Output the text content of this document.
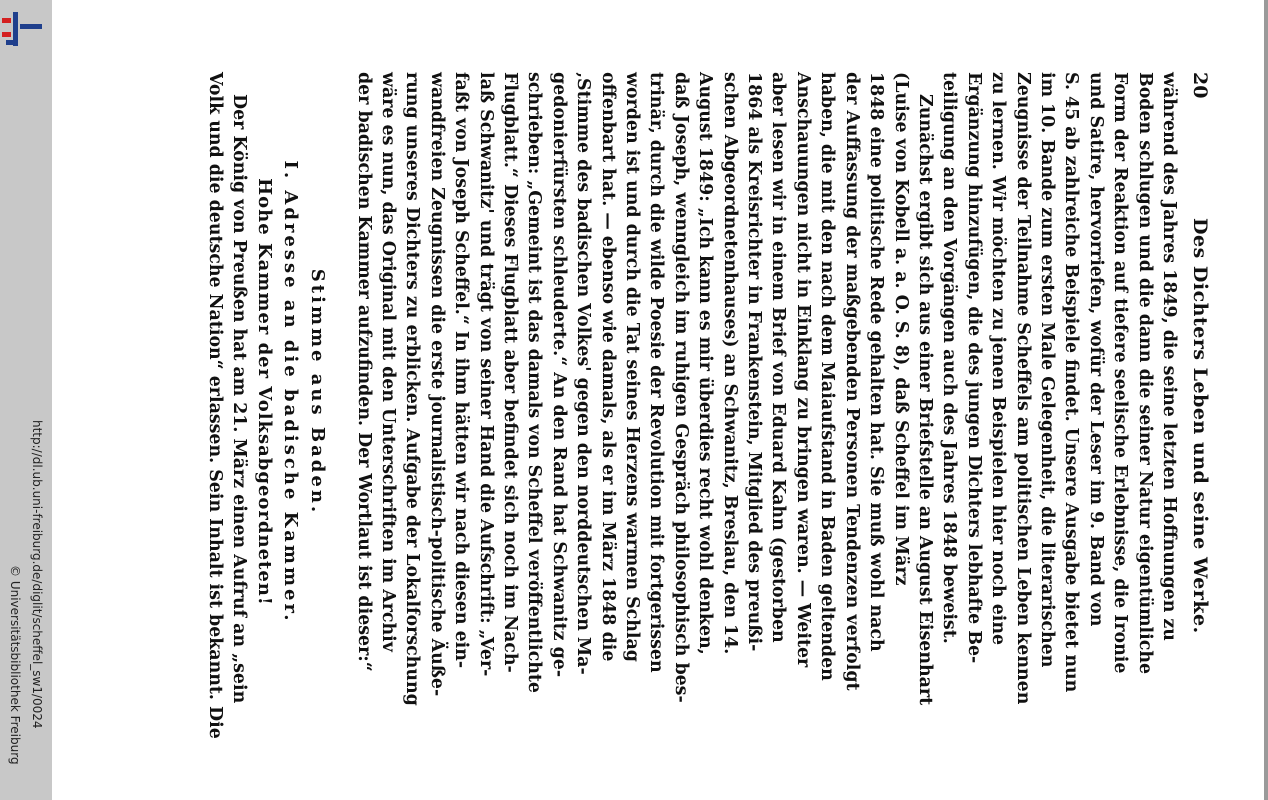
http://dl.ub.uni-freiburg.de/diglit/scheffel_sw1/0024
© Universitätsbibliothek Freiburg
20
Des Dichters Leben und seine Werke.

während des Jahres 1849, die seine letzten Hoffnungen zu
Boden schlugen und die dann die seiner Natur eigentümliche
Form der Reaktion auf tiefere seelische Erlebnisse, die Ironie
und Satire, hervorriefen, wofür der Leser im 9. Band von
S. 45 ab zahlreiche Beispiele findet. Unsere Ausgabe bietet nun
im 10. Bande zum ersten Male Gelegenheit, die literarischen
Zeugnisse der Teilnahme Scheffels am politischen Leben kennen
zu lernen. Wir möchten zu jenen Beispielen hier noch eine
Ergänzung hinzufügen, die des jungen Dichters lebhafte Be-
teiligung an den Vorgängen auch des Jahres 1848 beweist.

Zunächst ergibt sich aus einer Briefstelle an August Eisenhart
(Luise von Kobell a. a. O. S. 8), daß Scheffel im März
1848 eine politische Rede gehalten hat. Sie muß wohl nach
der Auffassung der maßgebenden Personen Tendenzen verfolgt
haben, die mit den nach dem Maiaufstand in Baden geltenden
Anschauungen nicht in Einklang zu bringen waren. — Weiter
aber lesen wir in einem Brief von Eduard Kahn (gestorben
1864 als Kreisrichter in Frankenstein, Mitglied des preußi-
schen Abgeordnetenhauses) an Schwanitz, Breslau, den 14.
August 1849: „Ich kann es mir überdies recht wohl denken,
daß Joseph, wenngleich im ruhigen Gespräch philosophisch bes-
trinär, durch die wilde Poesie der Revolution mit fortgerissen
worden ist und durch die Tat seines Herzens warmen Schlag
offenbart hat. — ebenso wie damals, als er im März 1848 die
‚Stimme des badischen Volkes' gegen den norddeutschen Ma-
gedonierfürsten schleuderte.“ An den Rand hat Schwanitz ge-
schrieben: „Gemeint ist das damals von Scheffel veröffentlichte
Flugblatt.“ Dieses Flugblatt aber befindet sich noch im Nach-
laß Schwanitz' und trägt von seiner Hand die Aufschrift: „Ver-
faßt von Joseph Scheffel.“ In ihm hätten wir nach diesen ein-
wandfreien Zeugnissen die erste journalistisch-politische Äuße-
rung unseres Dichters zu erblicken. Aufgabe der Lokalforschung
wäre es nun, das Original mit den Unterschriften im Archiv
der badischen Kammer aufzufinden. Der Wortlaut ist dieser:“

Stimme aus Baden.
I. Adresse an die badische Kammer.
Hohe Kammer der Volksabgeordneten!

Der König von Preußen hat am 21. März einen Aufruf an „sein
Volk und die deutsche Nation“ erlassen. Sein Inhalt ist bekannt. Die
